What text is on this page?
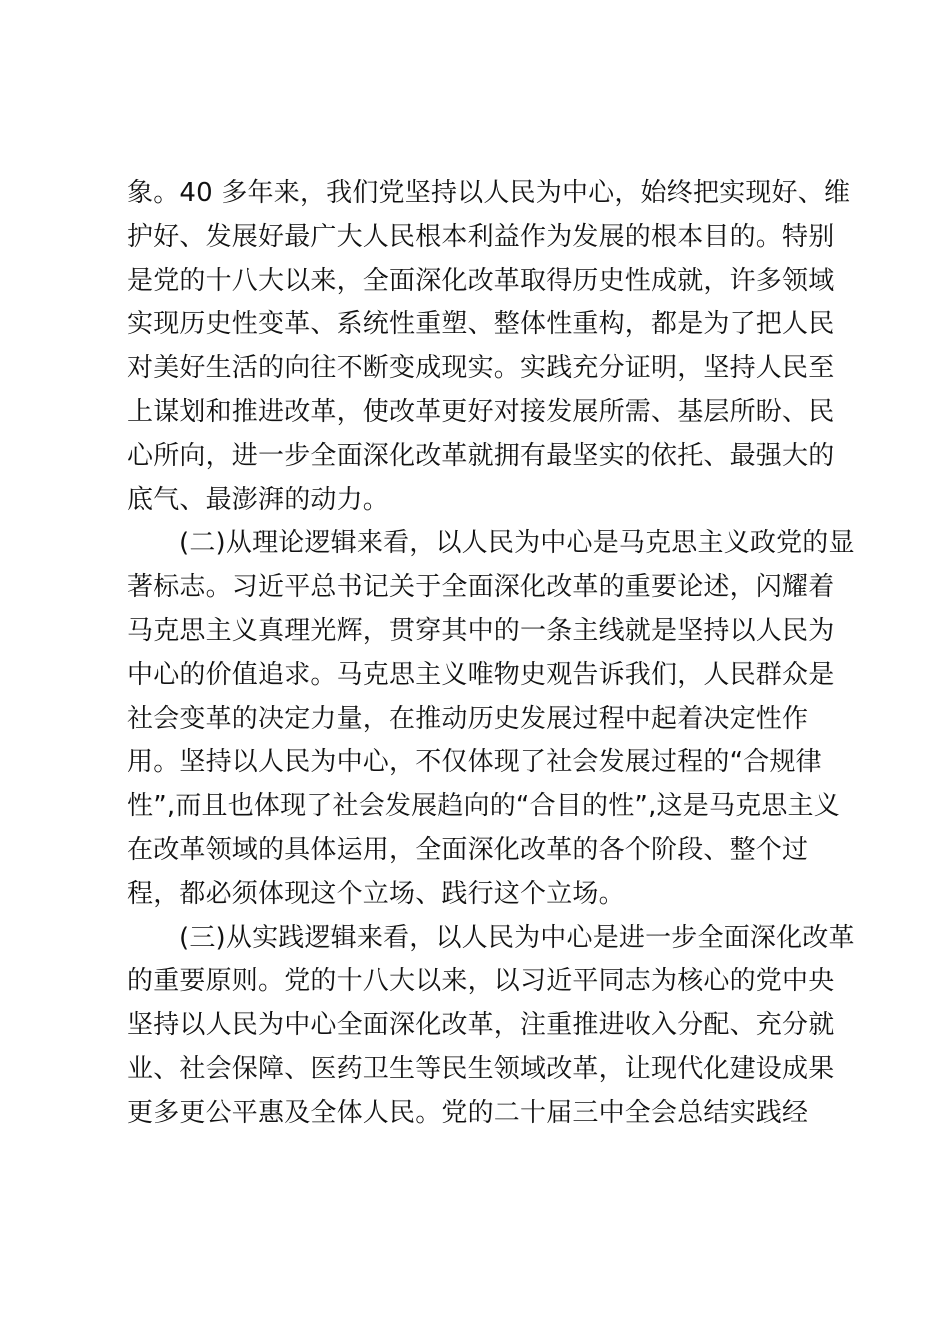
象。40 多年来，我们党坚持以人民为中心，始终把实现好、维
护好、发展好最广大人民根本利益作为发展的根本目的。特别
是党的十八大以来，全面深化改革取得历史性成就，许多领域
实现历史性变革、系统性重塑、整体性重构，都是为了把人民
对美好生活的向往不断变成现实。实践充分证明，坚持人民至
上谋划和推进改革，使改革更好对接发展所需、基层所盼、民
心所向，进一步全面深化改革就拥有最坚实的依托、最强大的
底气、最澎湃的动力。
(二)从理论逻辑来看，以人民为中心是马克思主义政党的显
著标志。习近平总书记关于全面深化改革的重要论述，闪耀着
马克思主义真理光辉，贯穿其中的一条主线就是坚持以人民为
中心的价值追求。马克思主义唯物史观告诉我们，人民群众是
社会变革的决定力量，在推动历史发展过程中起着决定性作
用。坚持以人民为中心，不仅体现了社会发展过程的“合规律
性”,而且也体现了社会发展趋向的“合目的性”,这是马克思主义
在改革领域的具体运用，全面深化改革的各个阶段、整个过
程，都必须体现这个立场、践行这个立场。
(三)从实践逻辑来看，以人民为中心是进一步全面深化改革
的重要原则。党的十八大以来，以习近平同志为核心的党中央
坚持以人民为中心全面深化改革，注重推进收入分配、充分就
业、社会保障、医药卫生等民生领域改革，让现代化建设成果
更多更公平惠及全体人民。党的二十届三中全会总结实践经
